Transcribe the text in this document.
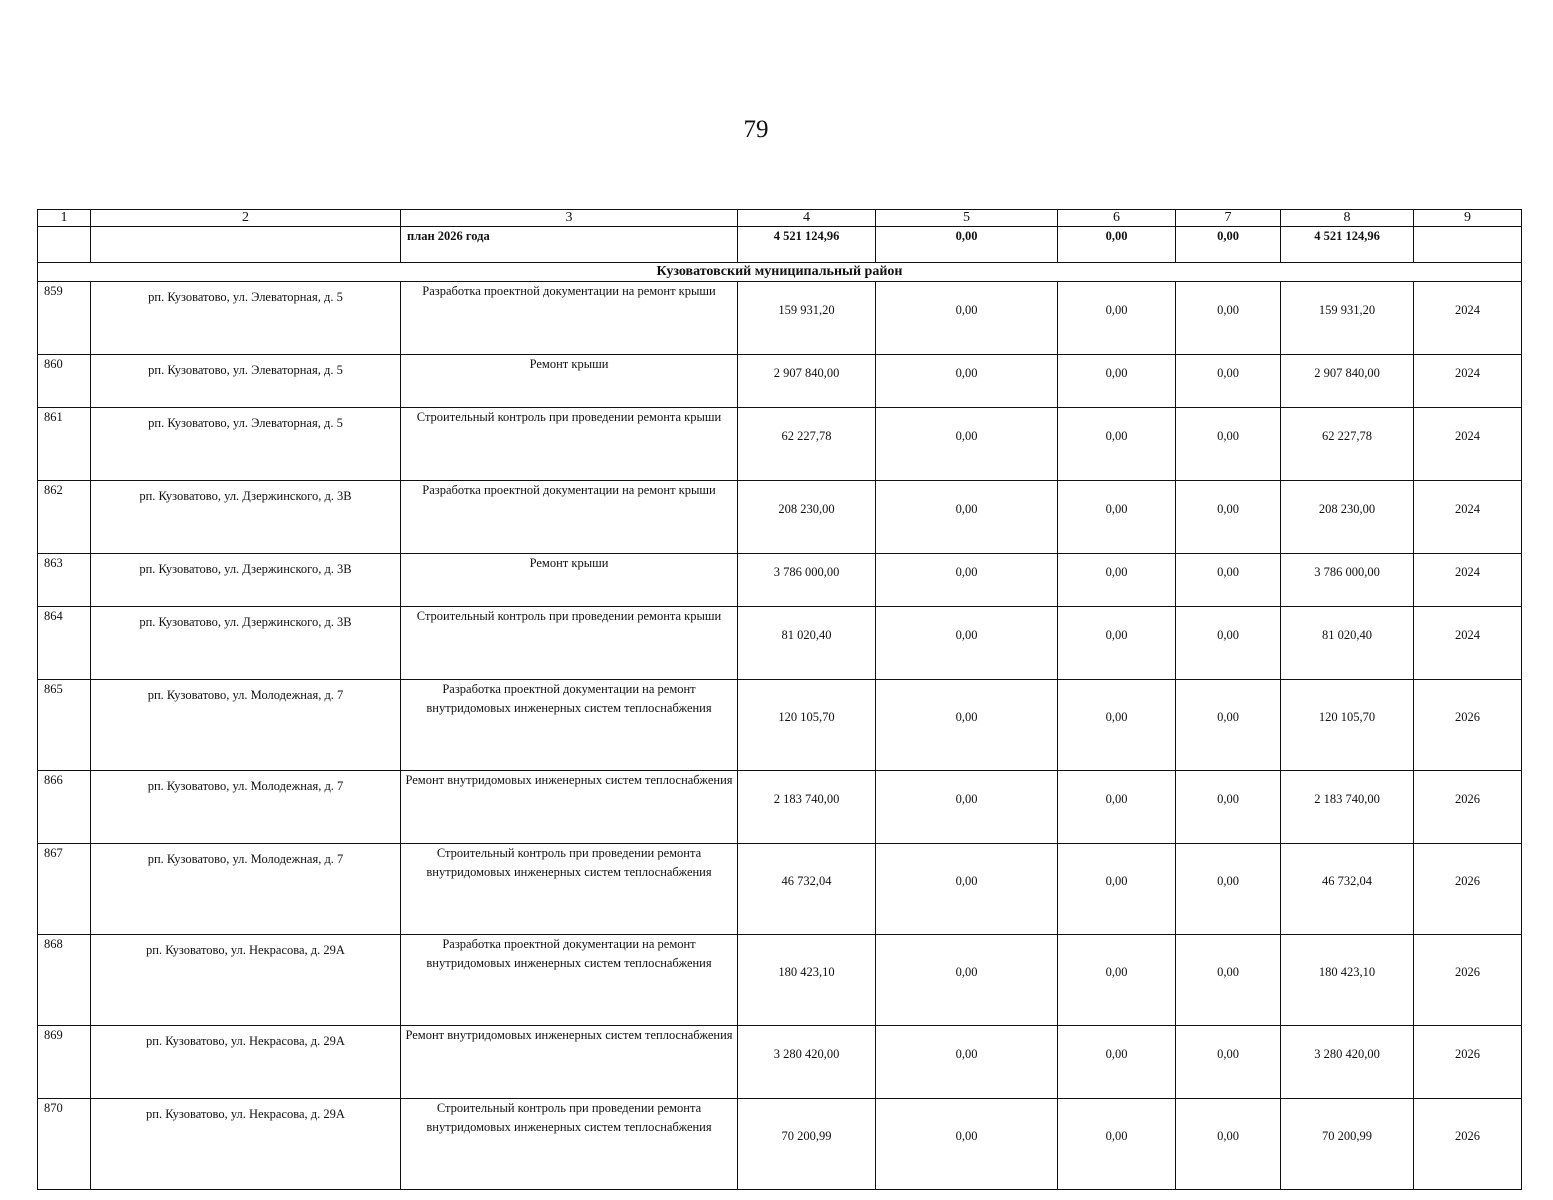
79
1	2	3	4	5	6	7	8	9
		план 2026 года	4 521 124,96	0,00	0,00	0,00	4 521 124,96	
Кузоватовский муниципальный район								
859	рп. Кузоватово, ул. Элеваторная, д. 5	Разработка проектной документации на ремонт крыши	159 931,20	0,00	0,00	0,00	159 931,20	2024
860	рп. Кузоватово, ул. Элеваторная, д. 5	Ремонт крыши	2 907 840,00	0,00	0,00	0,00	2 907 840,00	2024
861	рп. Кузоватово, ул. Элеваторная, д. 5	Строительный контроль при проведении ремонта крыши	62 227,78	0,00	0,00	0,00	62 227,78	2024
862	рп. Кузоватово, ул. Дзержинского, д. 3В	Разработка проектной документации на ремонт крыши	208 230,00	0,00	0,00	0,00	208 230,00	2024
863	рп. Кузоватово, ул. Дзержинского, д. 3В	Ремонт крыши	3 786 000,00	0,00	0,00	0,00	3 786 000,00	2024
864	рп. Кузоватово, ул. Дзержинского, д. 3В	Строительный контроль при проведении ремонта крыши	81 020,40	0,00	0,00	0,00	81 020,40	2024
865	рп. Кузоватово, ул. Молодежная, д. 7	Разработка проектной документации на ремонт внутридомовых инженерных систем теплоснабжения	120 105,70	0,00	0,00	0,00	120 105,70	2026
866	рп. Кузоватово, ул. Молодежная, д. 7	Ремонт внутридомовых инженерных систем теплоснабжения	2 183 740,00	0,00	0,00	0,00	2 183 740,00	2026
867	рп. Кузоватово, ул. Молодежная, д. 7	Строительный контроль при проведении ремонта внутридомовых инженерных систем теплоснабжения	46 732,04	0,00	0,00	0,00	46 732,04	2026
868	рп. Кузоватово, ул. Некрасова, д. 29А	Разработка проектной документации на ремонт внутридомовых инженерных систем теплоснабжения	180 423,10	0,00	0,00	0,00	180 423,10	2026
869	рп. Кузоватово, ул. Некрасова, д. 29А	Ремонт внутридомовых инженерных систем теплоснабжения	3 280 420,00	0,00	0,00	0,00	3 280 420,00	2026
870	рп. Кузоватово, ул. Некрасова, д. 29А	Строительный контроль при проведении ремонта внутридомовых инженерных систем теплоснабжения	70 200,99	0,00	0,00	0,00	70 200,99	2026
